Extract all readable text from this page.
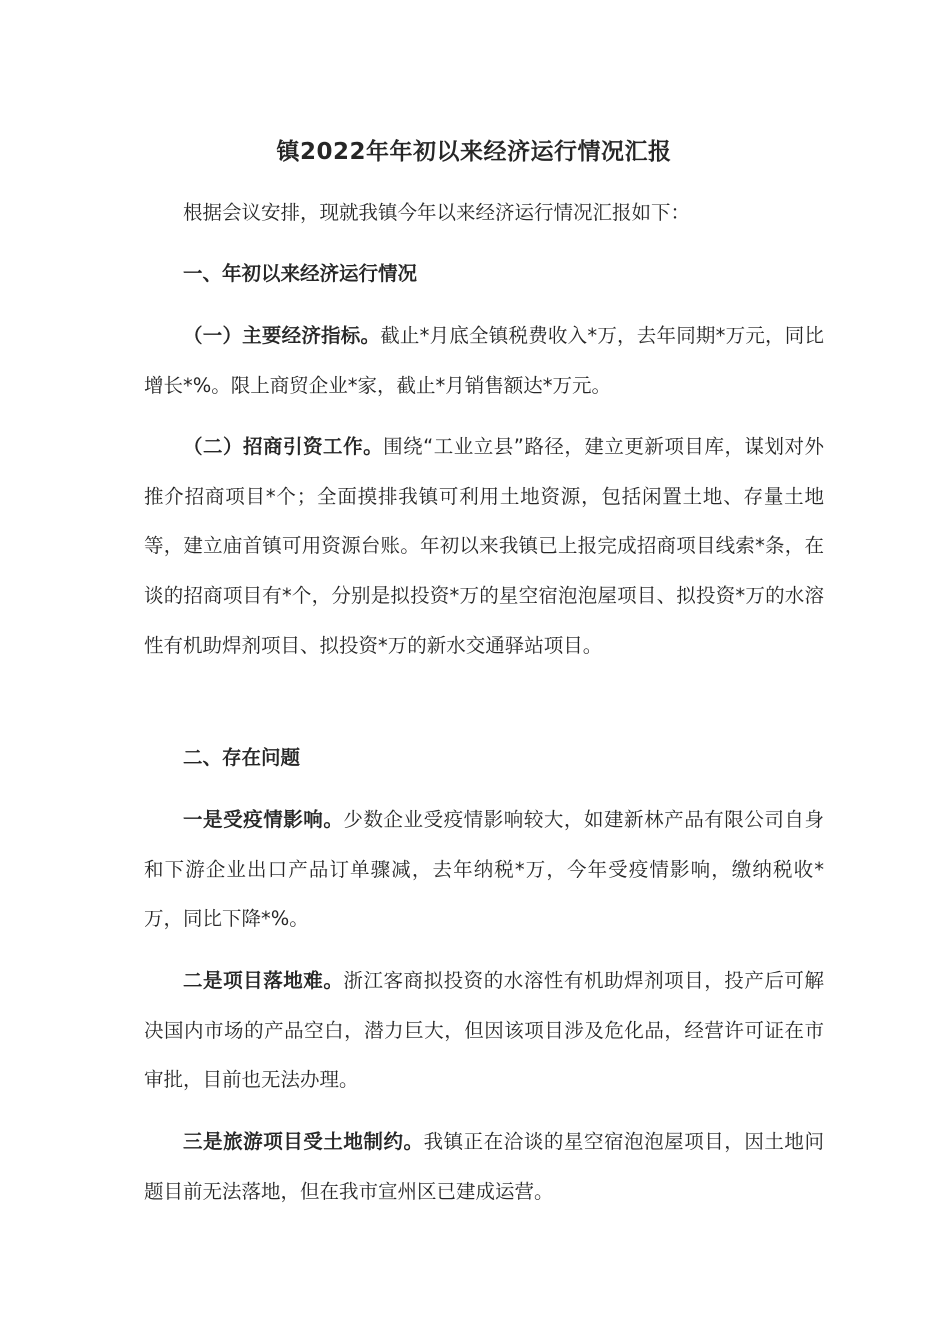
镇2022年年初以来经济运行情况汇报

根据会议安排，现就我镇今年以来经济运行情况汇报如下：

一、年初以来经济运行情况

（一）主要经济指标。截止*月底全镇税费收入*万，去年同期*万元，同比增长*%。限上商贸企业*家，截止*月销售额达*万元。

（二）招商引资工作。围绕“工业立县”路径，建立更新项目库，谋划对外推介招商项目*个；全面摸排我镇可利用土地资源，包括闲置土地、存量土地等，建立庙首镇可用资源台账。年初以来我镇已上报完成招商项目线索*条，在谈的招商项目有*个，分别是拟投资*万的星空宿泡泡屋项目、拟投资*万的水溶性有机助焊剂项目、拟投资*万的新水交通驿站项目。

二、存在问题

一是受疫情影响。少数企业受疫情影响较大，如建新林产品有限公司自身和下游企业出口产品订单骤减，去年纳税*万，今年受疫情影响，缴纳税收*万，同比下降*%。

二是项目落地难。浙江客商拟投资的水溶性有机助焊剂项目，投产后可解决国内市场的产品空白，潜力巨大，但因该项目涉及危化品，经营许可证在市审批，目前也无法办理。

三是旅游项目受土地制约。我镇正在洽谈的星空宿泡泡屋项目，因土地问题目前无法落地，但在我市宣州区已建成运营。
